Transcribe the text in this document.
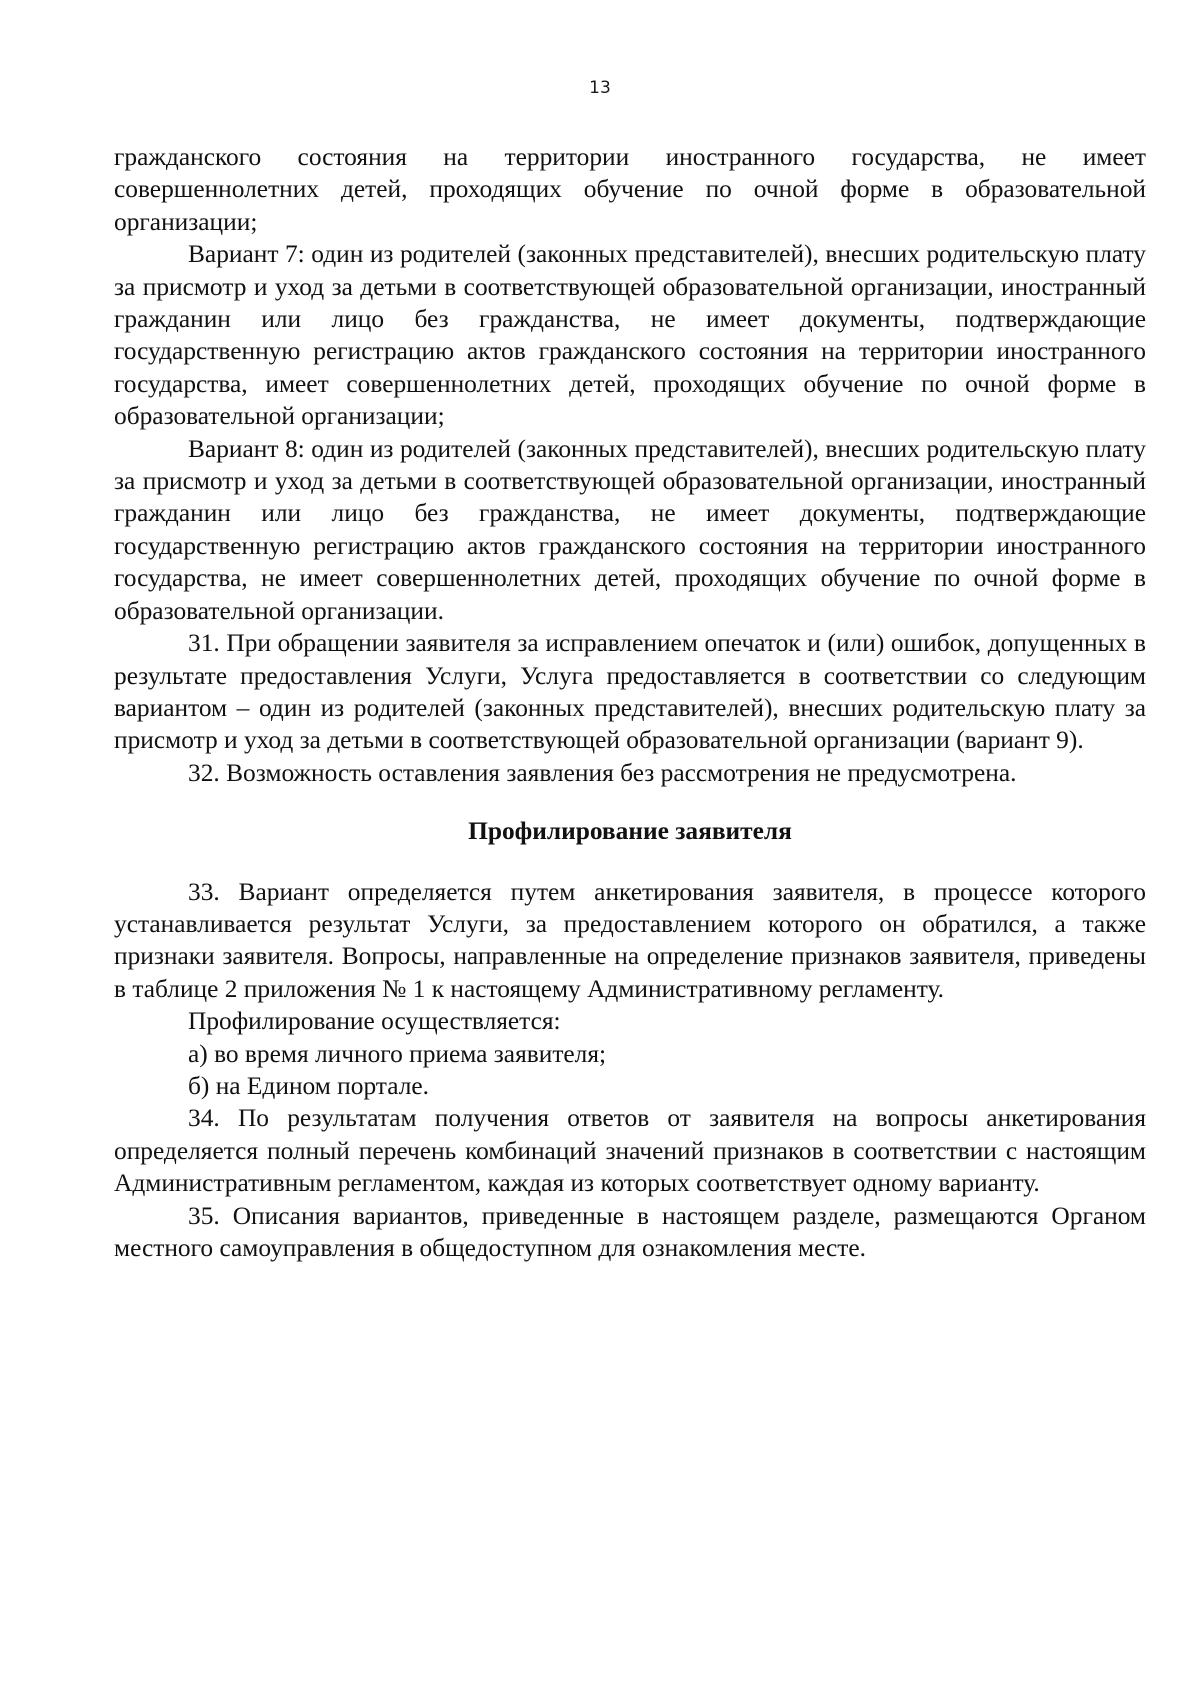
13

гражданского состояния на территории иностранного государства, не имеет совершеннолетних детей, проходящих обучение по очной форме в образовательной организации;

Вариант 7: один из родителей (законных представителей), внесших родительскую плату за присмотр и уход за детьми в соответствующей образовательной организации, иностранный гражданин или лицо без гражданства, не имеет документы, подтверждающие государственную регистрацию актов гражданского состояния на территории иностранного государства, имеет совершеннолетних детей, проходящих обучение по очной форме в образовательной организации;

Вариант 8: один из родителей (законных представителей), внесших родительскую плату за присмотр и уход за детьми в соответствующей образовательной организации, иностранный гражданин или лицо без гражданства, не имеет документы, подтверждающие государственную регистрацию актов гражданского состояния на территории иностранного государства, не имеет совершеннолетних детей, проходящих обучение по очной форме в образовательной организации.

31. При обращении заявителя за исправлением опечаток и (или) ошибок, допущенных в результате предоставления Услуги, Услуга предоставляется в соответствии со следующим вариантом – один из родителей (законных представителей), внесших родительскую плату за присмотр и уход за детьми в соответствующей образовательной организации (вариант 9).

32. Возможность оставления заявления без рассмотрения не предусмотрена.

Профилирование заявителя

33. Вариант определяется путем анкетирования заявителя, в процессе которого устанавливается результат Услуги, за предоставлением которого он обратился, а также признаки заявителя. Вопросы, направленные на определение признаков заявителя, приведены в таблице 2 приложения № 1 к настоящему Административному регламенту.

Профилирование осуществляется:

а) во время личного приема заявителя;

б) на Едином портале.

34. По результатам получения ответов от заявителя на вопросы анкетирования определяется полный перечень комбинаций значений признаков в соответствии с настоящим Административным регламентом, каждая из которых соответствует одному варианту.

35. Описания вариантов, приведенные в настоящем разделе, размещаются Органом местного самоуправления в общедоступном для ознакомления месте.
